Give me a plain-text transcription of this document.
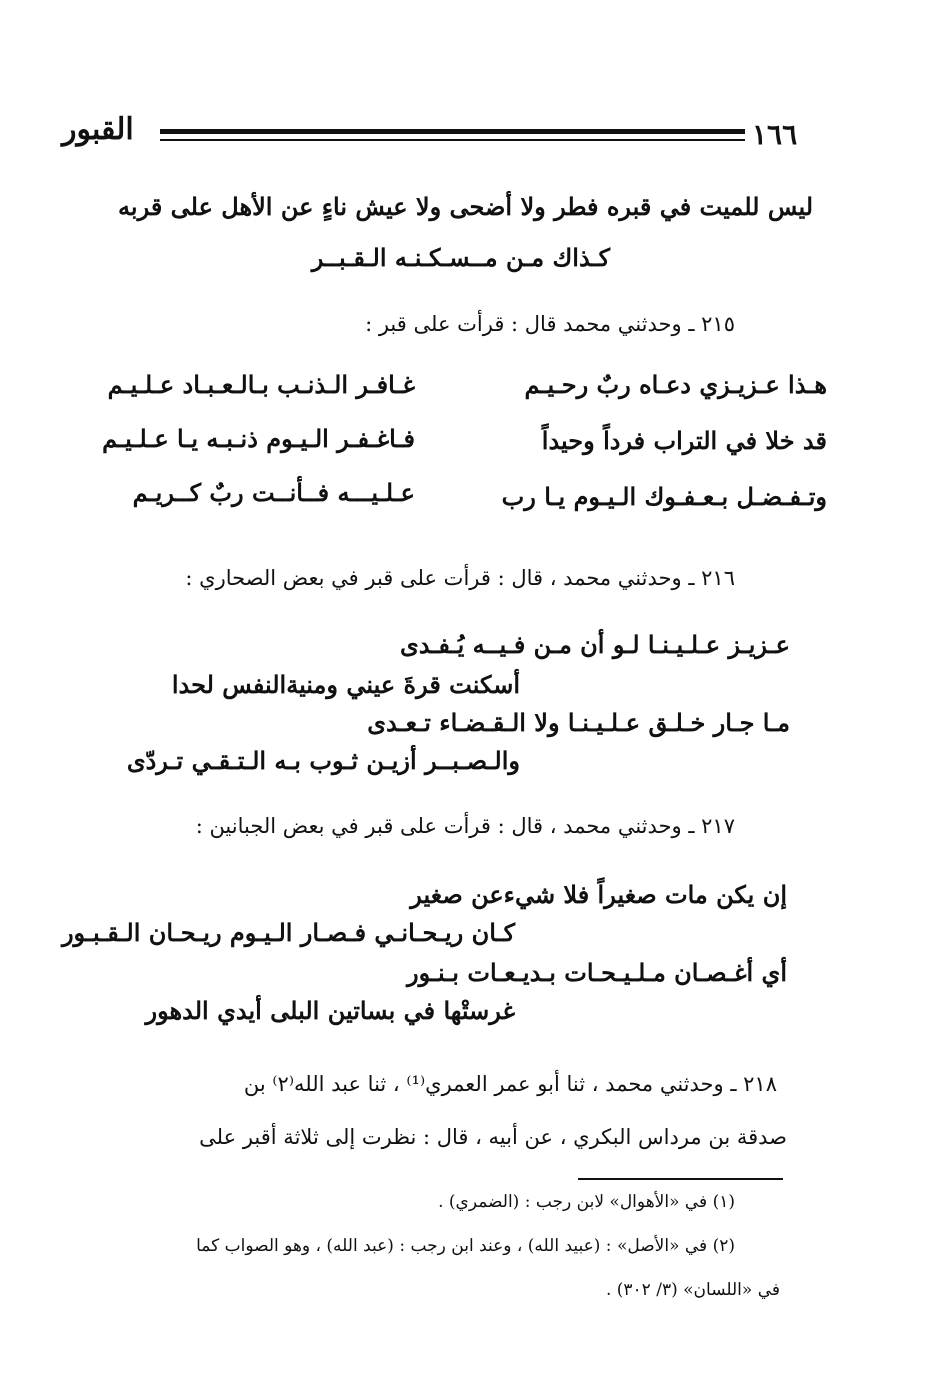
١٦٦
القبور
ليس للميت في قبره فطر ولا أضحى ولا عيش ناءٍ عن الأهل على قربه
كـذاك مـن مــسـكـنـه الـقـبــر
٢١٥ ـ وحدثني محمد قال : قرأت على قبر :
هـذا عـزيـزي دعـاه ربٌ رحـيـم
غـافـر الـذنـب بـالـعـبـاد عـلـيـم
قد خلا في التراب فرداً وحيداً
فـاغـفـر الـيـوم ذنـبـه يـا عـلـيـم
وتـفـضـل بـعـفـوك الـيـوم يـا رب
عـلـيـــه فــأنــت ربٌ كــريـم
٢١٦ ـ وحدثني محمد ، قال : قرأت على قبر في بعض الصحاري :
عـزيـز عـلـيـنـا لـو أن مـن فـيــه يُـفـدى
أسكنت قرةَ عيني ومنيةالنفس لحدا
مـا جـار خـلـق عـلـيـنـا ولا الـقـضـاء تـعـدى
والـصـبــر أزيـن ثـوب بـه الـتـقـي تـردّى
٢١٧ ـ وحدثني محمد ، قال : قرأت على قبر في بعض الجبانين :
إن يكن مات صغيراً فلا شيءعن صغير
كـان ريـحـانـي فـصـار الـيـوم ريـحـان الـقـبـور
أي أغـصـان مـلـيـحـات بـديـعـات بـنـور
غرستْها في بساتين البلى أيدي الدهور
٢١٨ ـ وحدثني محمد ، ثنا أبو عمر العمري⁽¹⁾ ، ثنا عبد الله⁽٢⁾ بن
صدقة بن مرداس البكري ، عن أبيه ، قال : نظرت إلى ثلاثة أقبر على
(١) في «الأهوال» لابن رجب : (الضمري) .
(٢) في «الأصل» : (عبيد الله) ، وعند ابن رجب : (عبد الله) ، وهو الصواب كما
في «اللسان» (٣/ ٣٠٢) .
